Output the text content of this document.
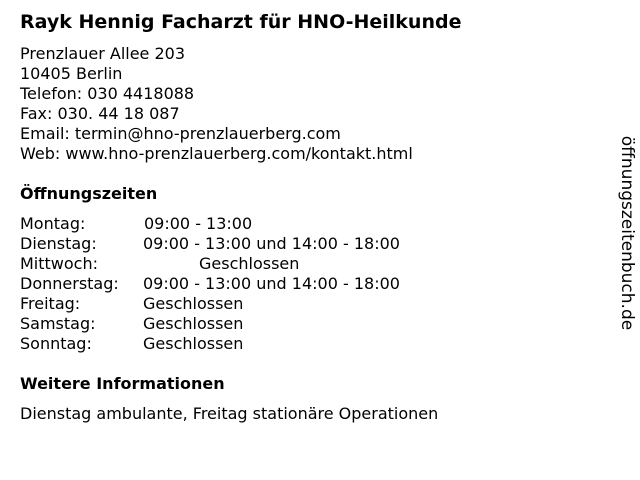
Rayk Hennig Facharzt für HNO-Heilkunde
Prenzlauer Allee 203
10405 Berlin
Telefon: 030 4418088
Fax: 030. 44 18 087
Email: termin@hno-prenzlauerberg.com
Web: www.hno-prenzlauerberg.com/kontakt.html
Öffnungszeiten
Montag:	09:00 - 13:00
Dienstag:	09:00 - 13:00 und 14:00 - 18:00
Mittwoch:	Geschlossen
Donnerstag: 09:00 - 13:00 und 14:00 - 18:00
Freitag:	Geschlossen
Samstag:	Geschlossen
Sonntag:	Geschlossen
Weitere Informationen
Dienstag ambulante, Freitag stationäre Operationen
öffnungszeitenbuch.de
